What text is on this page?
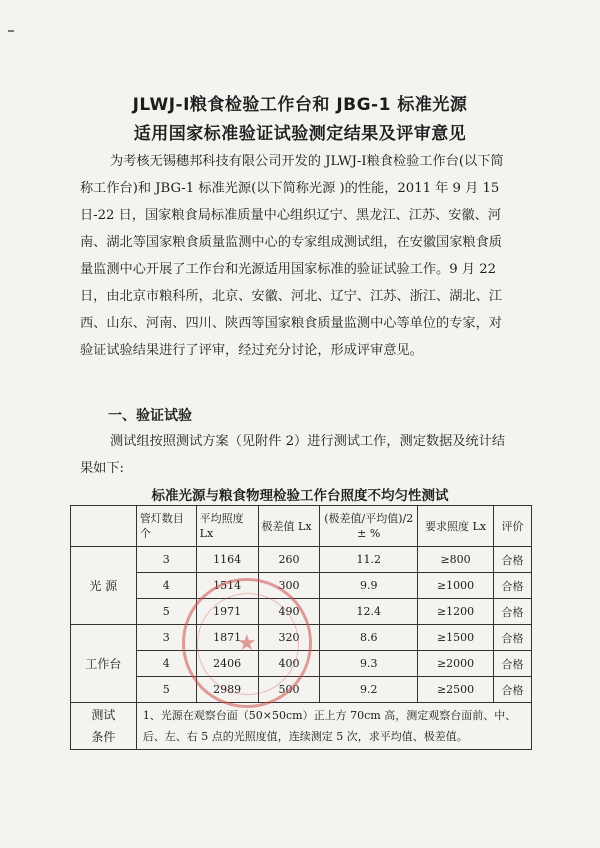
JLWJ-Ⅰ粮食检验工作台和 JBG-1 标准光源
适用国家标准验证试验测定结果及评审意见
为考核无锡穗邦科技有限公司开发的 JLWJ-Ⅰ粮食检验工作台(以下简
称工作台)和 JBG-1 标准光源(以下简称光源 )的性能，2011 年 9 月 15
日-22 日，国家粮食局标准质量中心组织辽宁、黑龙江、江苏、安徽、河
南、湖北等国家粮食质量监测中心的专家组成测试组，在安徽国家粮食质
量监测中心开展了工作台和光源适用国家标准的验证试验工作。9 月 22
日，由北京市粮科所，北京、安徽、河北、辽宁、江苏、浙江、湖北、江
西、山东、河南、四川、陕西等国家粮食质量监测中心等单位的专家，对
验证试验结果进行了评审，经过充分讨论，形成评审意见。
一、验证试验
测试组按照测试方案（见附件 2）进行测试工作，测定数据及统计结
果如下:
标准光源与粮食物理检验工作台照度不均匀性测试
	管灯数目个	平均照度 Lx	极差值 Lx	(极差值/平均值)/2 ± %	要求照度 Lx	评价
光 源	3	1164	260	11.2	≥800	合格
	4	1514	300	9.9	≥1000	合格
	5	1971	490	12.4	≥1200	合格
工作台	3	1871	320	8.6	≥1500	合格
	4	2406	400	9.3	≥2000	合格
	5	2989	500	9.2	≥2500	合格

测试
条件	1、光源在观察台面（50×50cm）正上方 70cm 高，测定观察台面前、中、后、左、右 5 点的光照度值，连续测定 5 次，求平均值、极差值。					
★
